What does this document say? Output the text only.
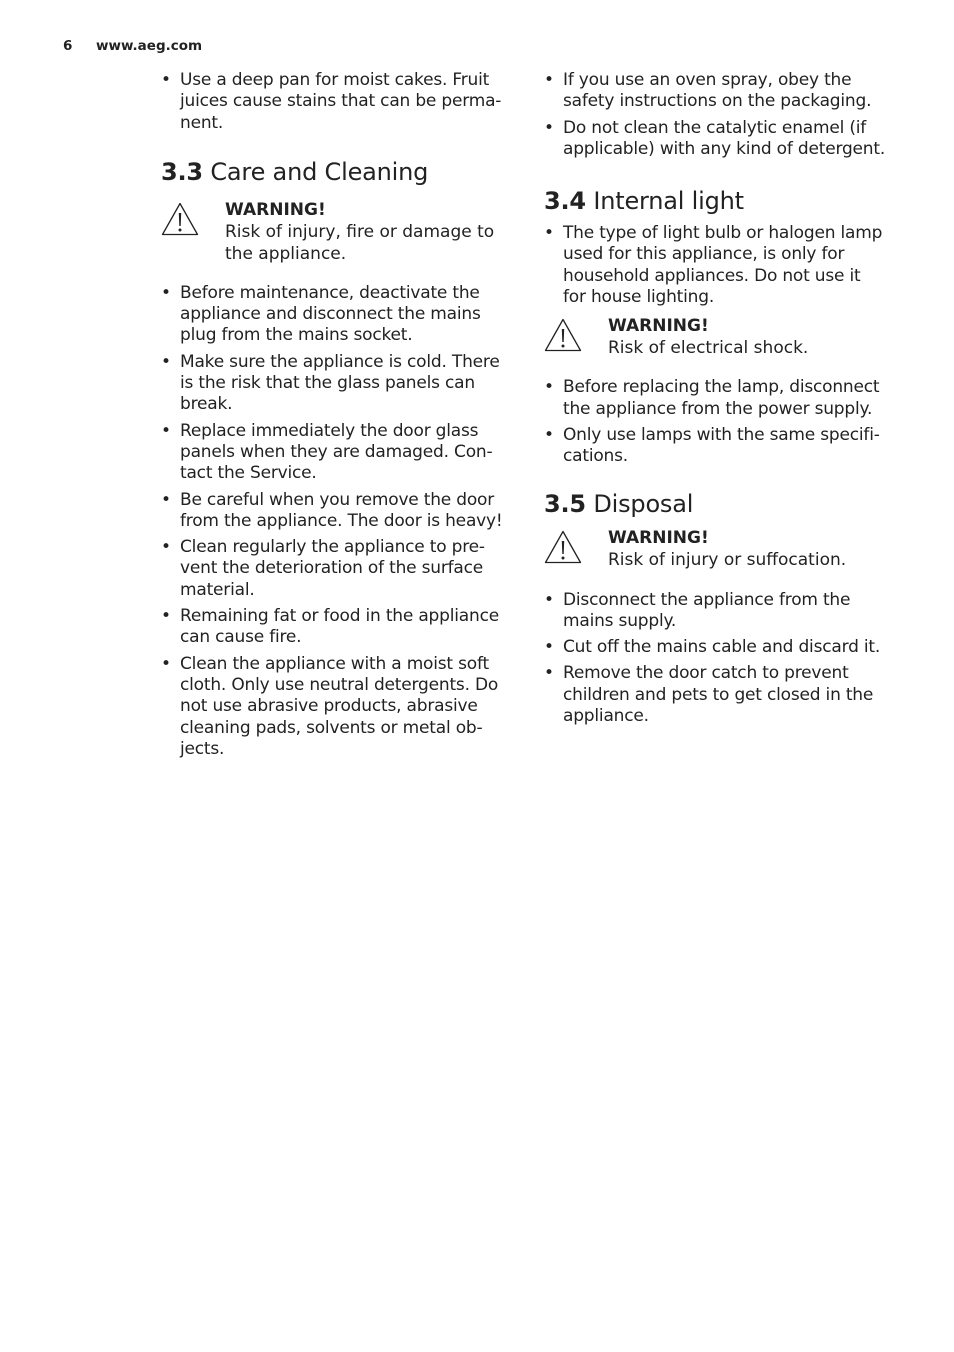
6 www.aeg.com
• Use a deep pan for moist cakes. Fruit
juices cause stains that can be perma-
nent.
3.3 Care and Cleaning
WARNING!
Risk of injury, fire or damage to
the appliance.
• Before maintenance, deactivate the
appliance and disconnect the mains
plug from the mains socket.
• Make sure the appliance is cold. There
is the risk that the glass panels can
break.
• Replace immediately the door glass
panels when they are damaged. Con-
tact the Service.
• Be careful when you remove the door
from the appliance. The door is heavy!
• Clean regularly the appliance to pre-
vent the deterioration of the surface
material.
• Remaining fat or food in the appliance
can cause fire.
• Clean the appliance with a moist soft
cloth. Only use neutral detergents. Do
not use abrasive products, abrasive
cleaning pads, solvents or metal ob-
jects.
• If you use an oven spray, obey the
safety instructions on the packaging.
• Do not clean the catalytic enamel (if
applicable) with any kind of detergent.
3.4 Internal light
• The type of light bulb or halogen lamp
used for this appliance, is only for
household appliances. Do not use it
for house lighting.
WARNING!
Risk of electrical shock.
• Before replacing the lamp, disconnect
the appliance from the power supply.
• Only use lamps with the same specifi-
cations.
3.5 Disposal
WARNING!
Risk of injury or suffocation.
• Disconnect the appliance from the
mains supply.
• Cut off the mains cable and discard it.
• Remove the door catch to prevent
children and pets to get closed in the
appliance.
